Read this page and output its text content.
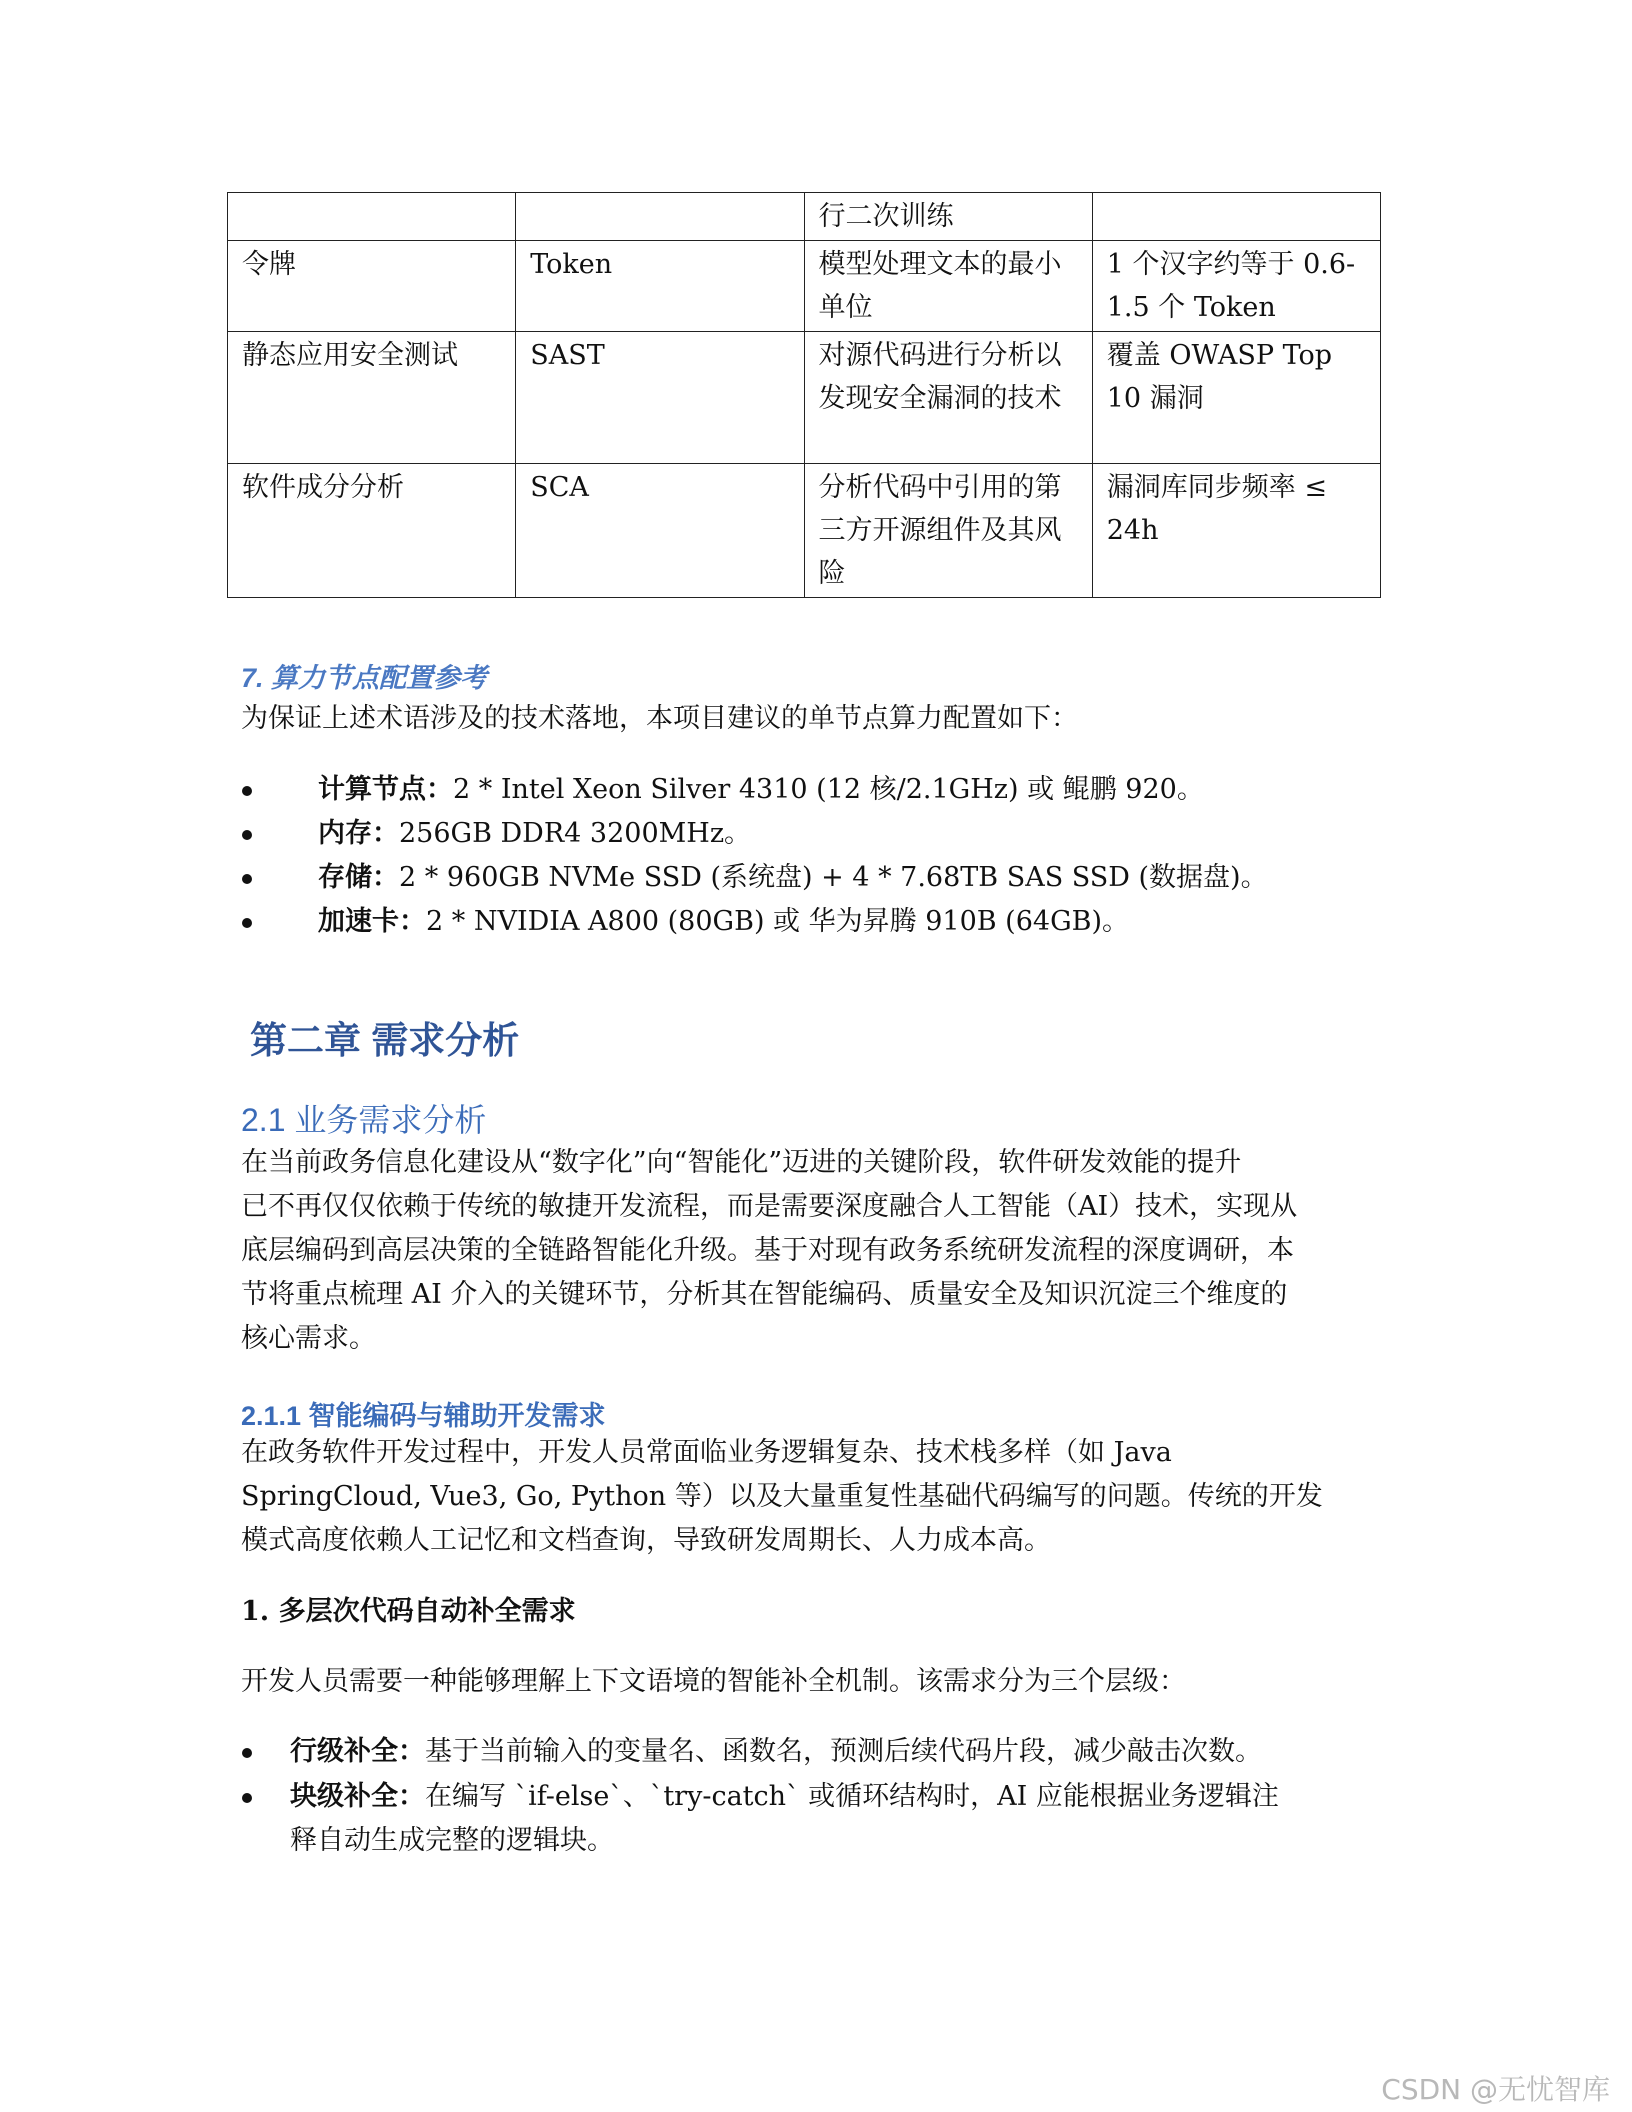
		行二次训练	
令牌	Token	模型处理文本的最小单位	1 个汉字约等于 0.6-1.5 个 Token
静态应用安全测试	SAST	对源代码进行分析以发现安全漏洞的技术	覆盖 OWASP Top 10 漏洞
软件成分分析	SCA	分析代码中引用的第三方开源组件及其风险	漏洞库同步频率 ≤ 24h
7. 算力节点配置参考
为保证上述术语涉及的技术落地，本项目建议的单节点算力配置如下：
计算节点：2 * Intel Xeon Silver 4310 (12 核/2.1GHz) 或 鲲鹏 920。
内存：256GB DDR4 3200MHz。
存储：2 * 960GB NVMe SSD (系统盘) + 4 * 7.68TB SAS SSD (数据盘)。
加速卡：2 * NVIDIA A800 (80GB) 或 华为昇腾 910B (64GB)。
第二章 需求分析
2.1 业务需求分析
在当前政务信息化建设从“数字化”向“智能化”迈进的关键阶段，软件研发效能的提升
已不再仅仅依赖于传统的敏捷开发流程，而是需要深度融合人工智能（AI）技术，实现从
底层编码到高层决策的全链路智能化升级。基于对现有政务系统研发流程的深度调研，本
节将重点梳理 AI 介入的关键环节，分析其在智能编码、质量安全及知识沉淀三个维度的
核心需求。
2.1.1 智能编码与辅助开发需求
在政务软件开发过程中，开发人员常面临业务逻辑复杂、技术栈多样（如 Java
SpringCloud, Vue3, Go, Python 等）以及大量重复性基础代码编写的问题。传统的开发
模式高度依赖人工记忆和文档查询，导致研发周期长、人力成本高。
1. 多层次代码自动补全需求
开发人员需要一种能够理解上下文语境的智能补全机制。该需求分为三个层级：
行级补全：基于当前输入的变量名、函数名，预测后续代码片段，减少敲击次数。
块级补全：在编写 `if-else`、`try-catch` 或循环结构时，AI 应能根据业务逻辑注
释自动生成完整的逻辑块。
CSDN @无忧智库
